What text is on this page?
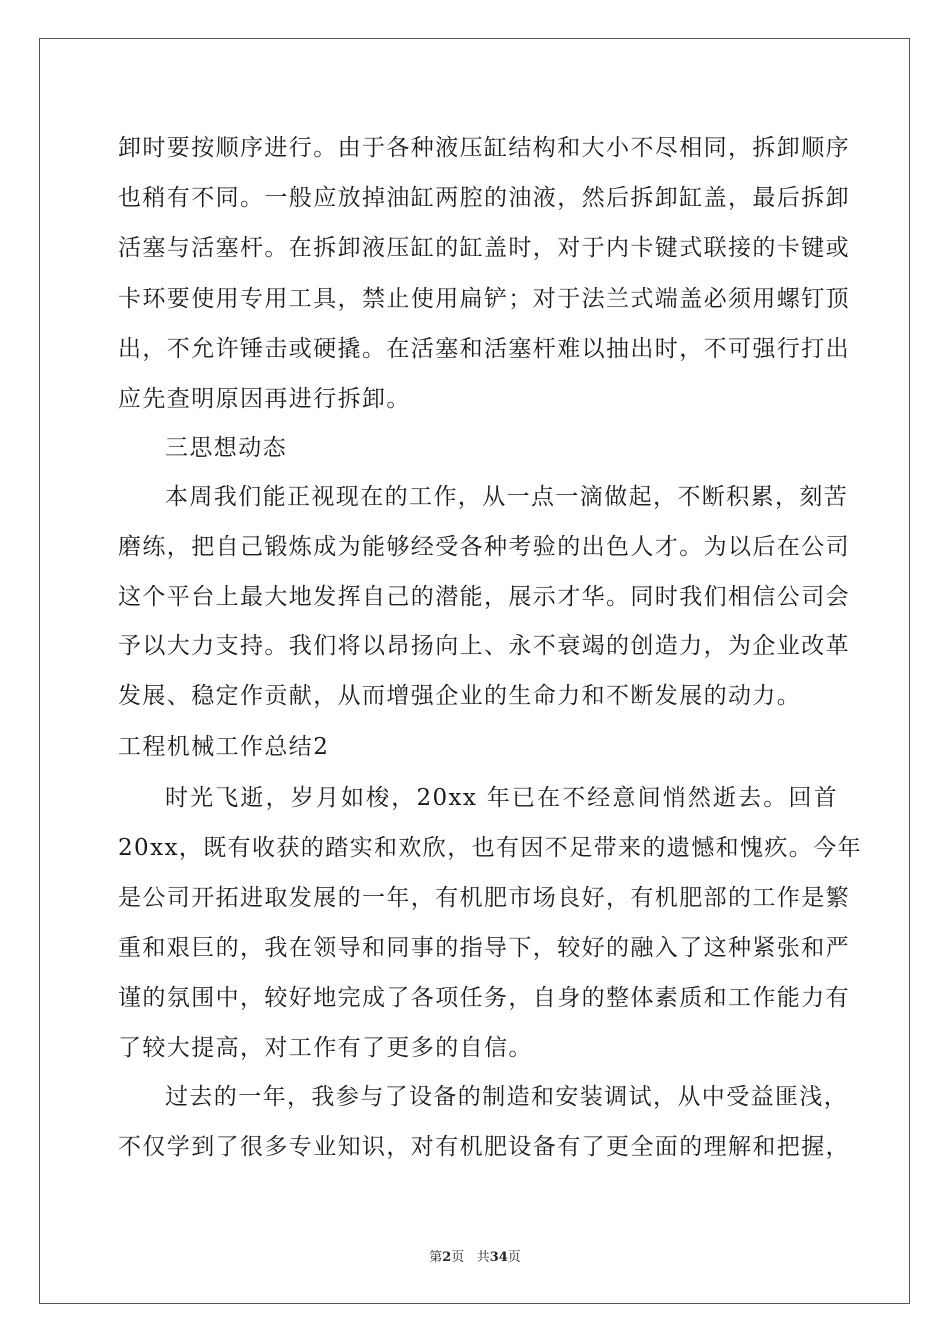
卸时要按顺序进行。由于各种液压缸结构和大小不尽相同，拆卸顺序
也稍有不同。一般应放掉油缸两腔的油液，然后拆卸缸盖，最后拆卸
活塞与活塞杆。在拆卸液压缸的缸盖时，对于内卡键式联接的卡键或
卡环要使用专用工具，禁止使用扁铲；对于法兰式端盖必须用螺钉顶
出，不允许锤击或硬撬。在活塞和活塞杆难以抽出时，不可强行打出
应先查明原因再进行拆卸。
三思想动态
本周我们能正视现在的工作，从一点一滴做起，不断积累，刻苦
磨练，把自己锻炼成为能够经受各种考验的出色人才。为以后在公司
这个平台上最大地发挥自己的潜能，展示才华。同时我们相信公司会
予以大力支持。我们将以昂扬向上、永不衰竭的创造力，为企业改革
发展、稳定作贡献，从而增强企业的生命力和不断发展的动力。
工程机械工作总结2
时光飞逝，岁月如梭，20xx 年已在不经意间悄然逝去。回首
20xx，既有收获的踏实和欢欣，也有因不足带来的遗憾和愧疚。今年
是公司开拓进取发展的一年，有机肥市场良好，有机肥部的工作是繁
重和艰巨的，我在领导和同事的指导下，较好的融入了这种紧张和严
谨的氛围中，较好地完成了各项任务，自身的整体素质和工作能力有
了较大提高，对工作有了更多的自信。
过去的一年，我参与了设备的制造和安装调试，从中受益匪浅，
不仅学到了很多专业知识，对有机肥设备有了更全面的理解和把握，
第2页 共34页
